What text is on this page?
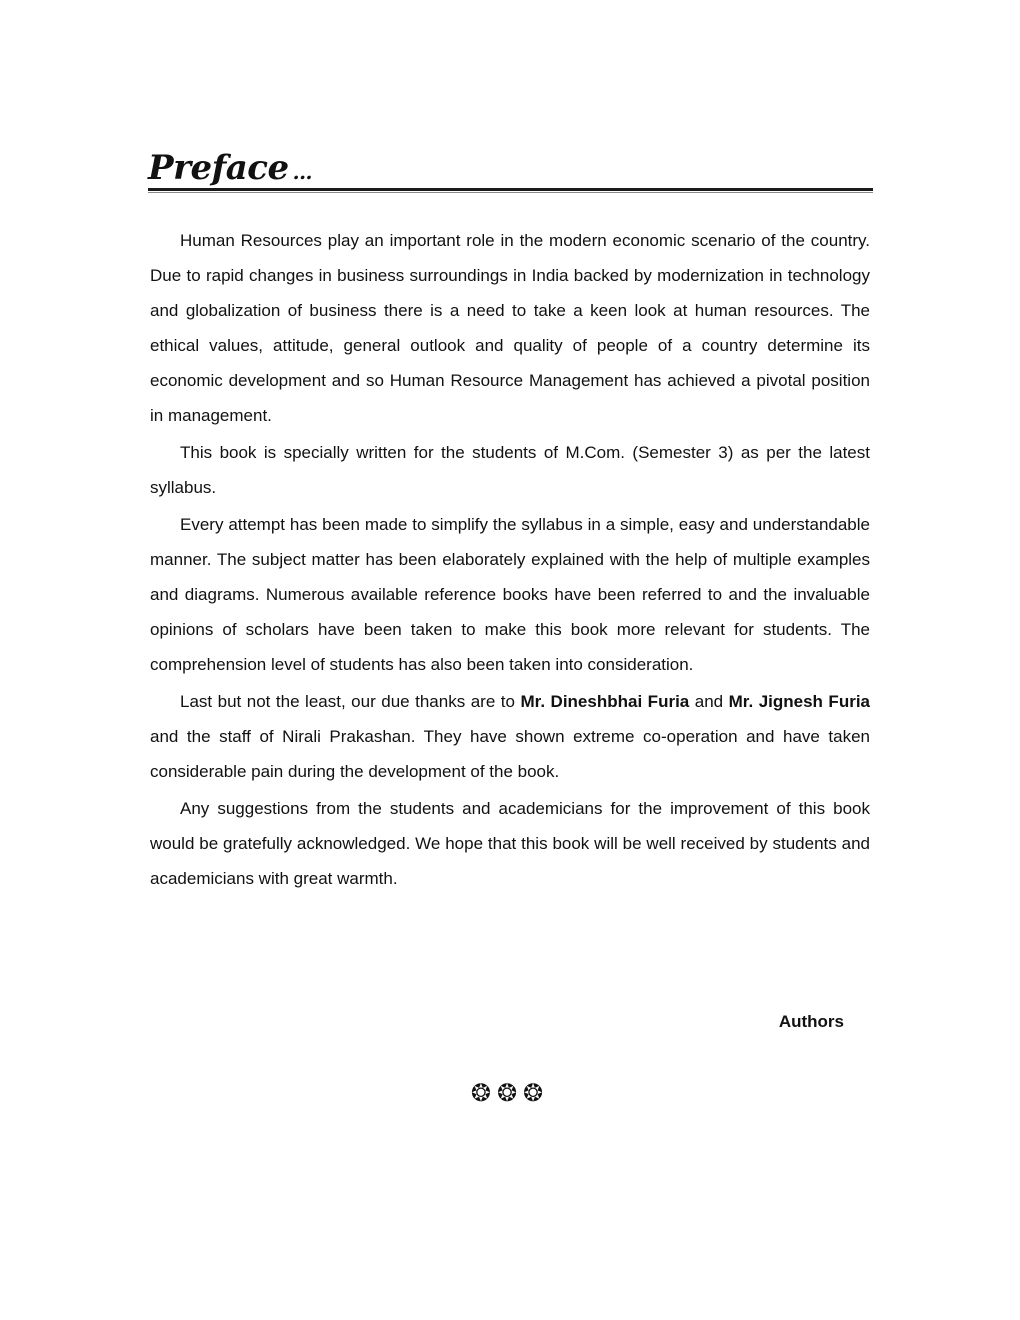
Preface ...

Human Resources play an important role in the modern economic scenario of the country. Due to rapid changes in business surroundings in India backed by modernization in technology and globalization of business there is a need to take a keen look at human resources. The ethical values, attitude, general outlook and quality of people of a country determine its economic development and so Human Resource Management has achieved a pivotal position in management.

This book is specially written for the students of M.Com. (Semester 3) as per the latest syllabus.

Every attempt has been made to simplify the syllabus in a simple, easy and understandable manner. The subject matter has been elaborately explained with the help of multiple examples and diagrams. Numerous available reference books have been referred to and the invaluable opinions of scholars have been taken to make this book more relevant for students. The comprehension level of students has also been taken into consideration.

Last but not the least, our due thanks are to Mr. Dineshbhai Furia and Mr. Jignesh Furia and the staff of Nirali Prakashan. They have shown extreme co-operation and have taken considerable pain during the development of the book.

Any suggestions from the students and academicians for the improvement of this book would be gratefully acknowledged. We hope that this book will be well received by students and academicians with great warmth.

Authors
❂❂❂
